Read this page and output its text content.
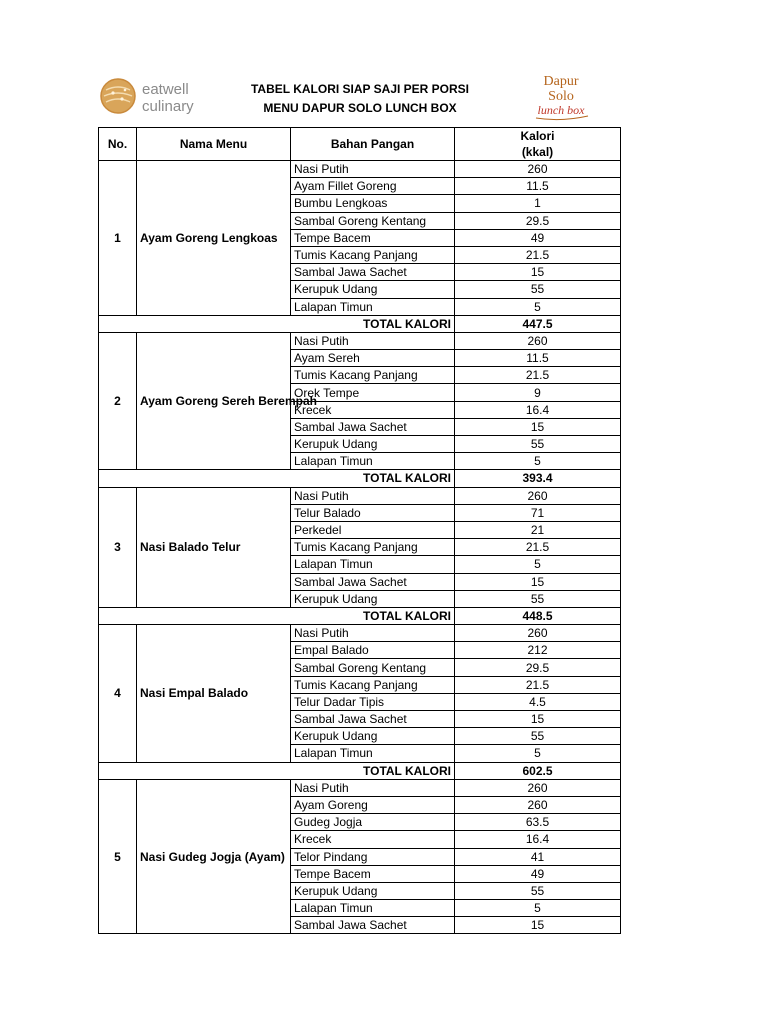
eatwell
culinary
TABEL KALORI SIAP SAJI PER PORSI
MENU DAPUR SOLO LUNCH BOX
Dapur
Solo
lunch box
No.	Nama Menu	Bahan Pangan	Kalori
(kkal)
1	Ayam Goreng Lengkoas	Nasi Putih	260
		Ayam Fillet Goreng	11.5
		Bumbu Lengkoas	1
		Sambal Goreng Kentang	29.5
		Tempe Bacem	49
		Tumis Kacang Panjang	21.5
		Sambal Jawa Sachet	15
		Kerupuk Udang	55
		Lalapan Timun	5
TOTAL KALORI			447.5
2	Ayam Goreng Sereh Berempah	Nasi Putih	260
		Ayam Sereh	11.5
		Tumis Kacang Panjang	21.5
		Orek Tempe	9
		Krecek	16.4
		Sambal Jawa Sachet	15
		Kerupuk Udang	55
		Lalapan Timun	5
TOTAL KALORI			393.4
3	Nasi Balado Telur	Nasi Putih	260
		Telur Balado	71
		Perkedel	21
		Tumis Kacang Panjang	21.5
		Lalapan Timun	5
		Sambal Jawa Sachet	15
		Kerupuk Udang	55
TOTAL KALORI			448.5
4	Nasi Empal Balado	Nasi Putih	260
		Empal Balado	212
		Sambal Goreng Kentang	29.5
		Tumis Kacang Panjang	21.5
		Telur Dadar Tipis	4.5
		Sambal Jawa Sachet	15
		Kerupuk Udang	55
		Lalapan Timun	5
TOTAL KALORI			602.5
5	Nasi Gudeg Jogja (Ayam)	Nasi Putih	260
		Ayam Goreng	260
		Gudeg Jogja	63.5
		Krecek	16.4
		Telor Pindang	41
		Tempe Bacem	49
		Kerupuk Udang	55
		Lalapan Timun	5
		Sambal Jawa Sachet	15
